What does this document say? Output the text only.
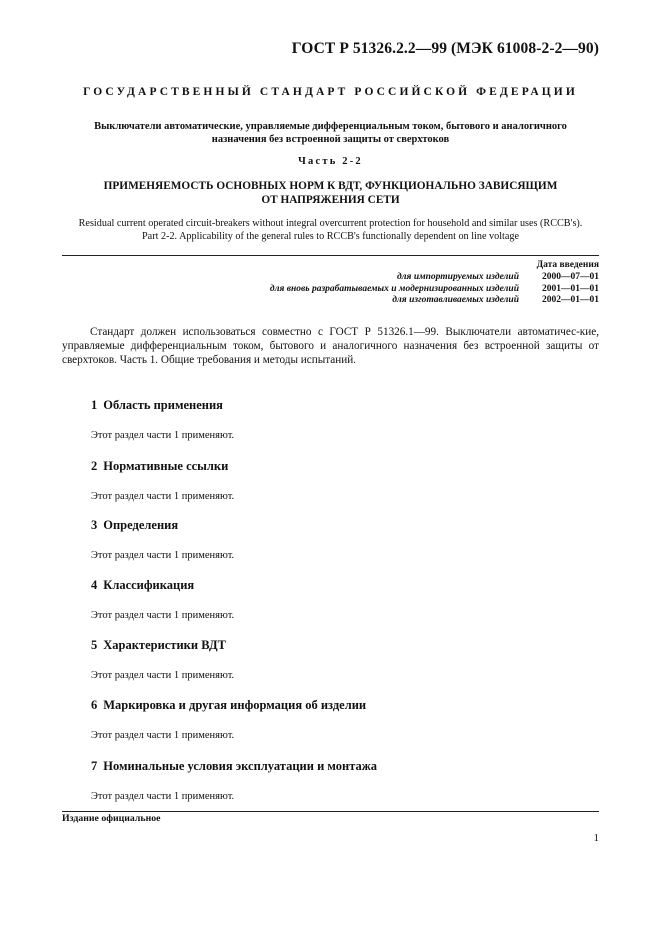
ГОСТ Р 51326.2.2—99 (МЭК 61008-2-2—90)
ГОСУДАРСТВЕННЫЙ СТАНДАРТ РОССИЙСКОЙ ФЕДЕРАЦИИ
Выключатели автоматические, управляемые дифференциальным током, бытового и аналогичного
назначения без встроенной защиты от сверхтоков
Часть 2-2
ПРИМЕНЯЕМОСТЬ ОСНОВНЫХ НОРМ К ВДТ, ФУНКЦИОНАЛЬНО ЗАВИСЯЩИМ
ОТ НАПРЯЖЕНИЯ СЕТИ
Residual current operated circuit-breakers without integral overcurrent protection for household and similar uses (RCCB's).
Part 2-2. Applicability of the general rules to RCCB's functionally dependent on line voltage
Дата введения
для импортируемых изделий	2000—07—01
для вновь разрабатываемых и модернизированных изделий	2001—01—01
для изготавливаемых изделий	2002—01—01
Стандарт должен использоваться совместно с ГОСТ Р 51326.1—99. Выключатели автоматичес-кие, управляемые дифференциальным током, бытового и аналогичного назначения без встроенной защиты от сверхтоков. Часть 1. Общие требования и методы испытаний.
1 Область применения

Этот раздел части 1 применяют.

2 Нормативные ссылки

Этот раздел части 1 применяют.

3 Определения

Этот раздел части 1 применяют.

4 Классификация

Этот раздел части 1 применяют.

5 Характеристики ВДТ

Этот раздел части 1 применяют.

6 Маркировка и другая информация об изделии

Этот раздел части 1 применяют.

7 Номинальные условия эксплуатации и монтажа

Этот раздел части 1 применяют.

Издание официальное
1
